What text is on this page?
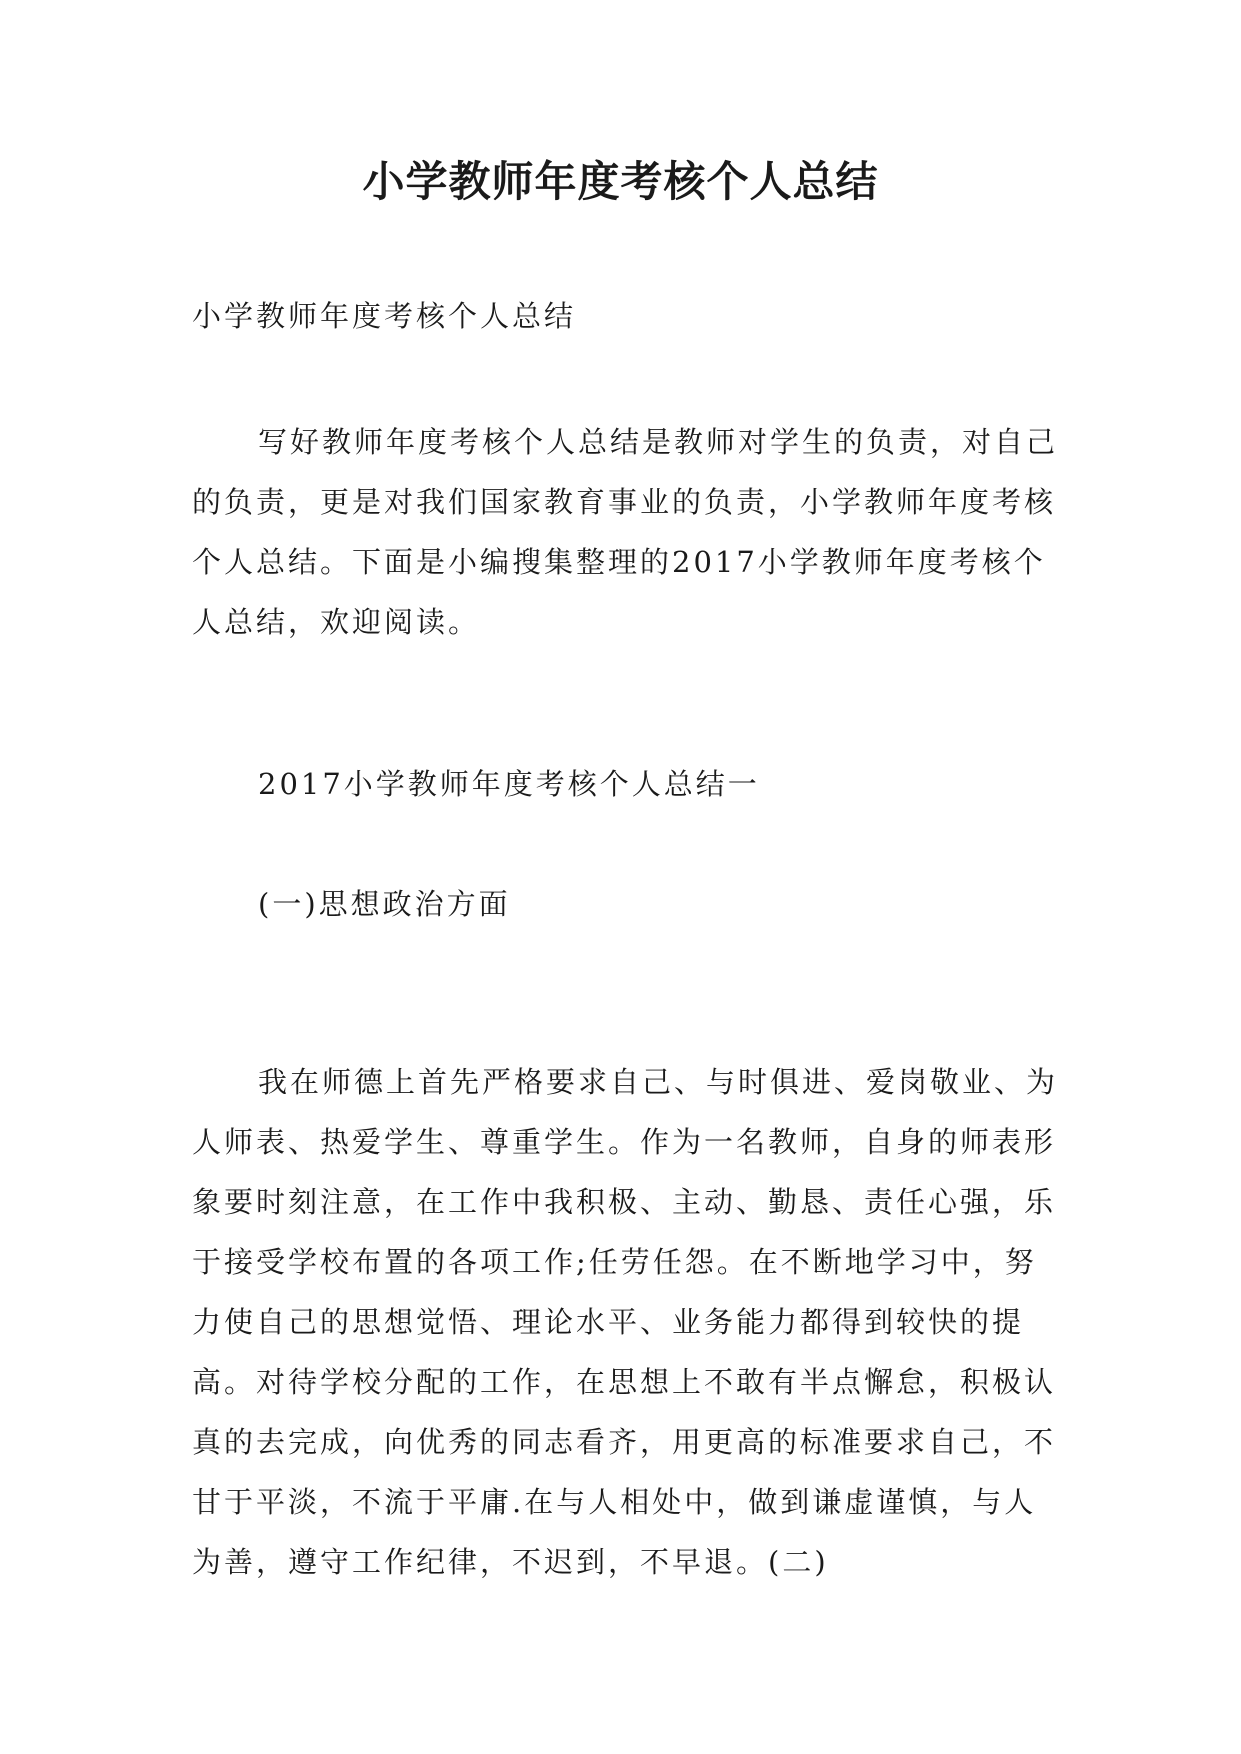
小学教师年度考核个人总结

小学教师年度考核个人总结

写好教师年度考核个人总结是教师对学生的负责，对自己的负责，更是对我们国家教育事业的负责，小学教师年度考核个人总结。下面是小编搜集整理的2017小学教师年度考核个人总结，欢迎阅读。

2017小学教师年度考核个人总结一

(一)思想政治方面

我在师德上首先严格要求自己、与时俱进、爱岗敬业、为人师表、热爱学生、尊重学生。作为一名教师，自身的师表形象要时刻注意，在工作中我积极、主动、勤恳、责任心强，乐于接受学校布置的各项工作;任劳任怨。在不断地学习中，努力使自己的思想觉悟、理论水平、业务能力都得到较快的提高。对待学校分配的工作，在思想上不敢有半点懈怠，积极认真的去完成，向优秀的同志看齐，用更高的标准要求自己，不甘于平淡，不流于平庸.在与人相处中，做到谦虚谨慎，与人为善，遵守工作纪律，不迟到，不早退。(二)
